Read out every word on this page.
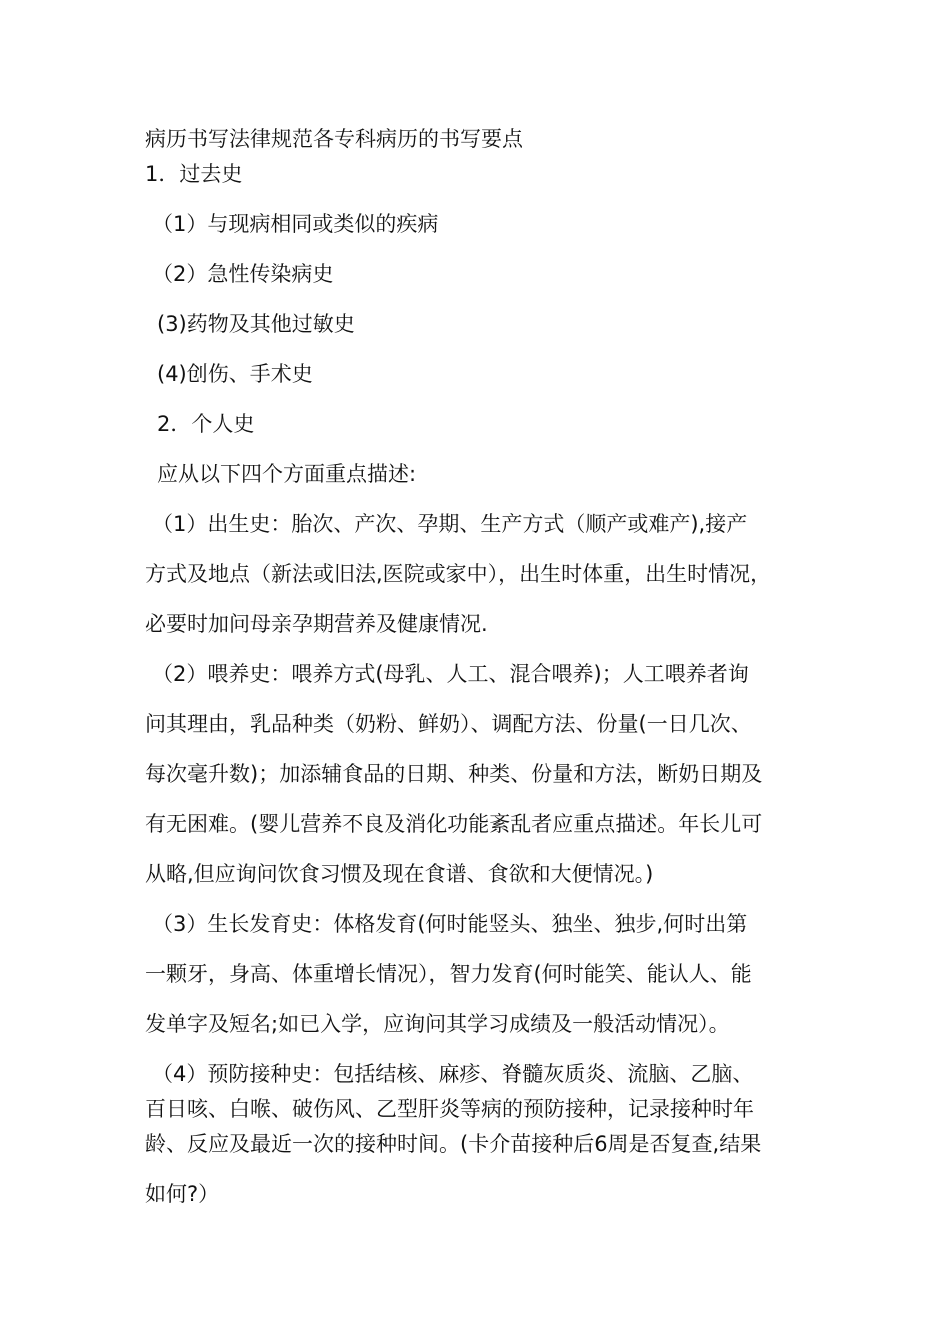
病历书写法律规范各专科病历的书写要点

1．过去史

（1）与现病相同或类似的疾病

（2）急性传染病史

(3)药物及其他过敏史

(4)创伤、手术史

2．个人史

应从以下四个方面重点描述:

（1）出生史：胎次、产次、孕期、生产方式（顺产或难产),接产

方式及地点（新法或旧法,医院或家中），出生时体重，出生时情况，

必要时加问母亲孕期营养及健康情况.

（2）喂养史：喂养方式(母乳、人工、混合喂养)；人工喂养者询

问其理由，乳品种类（奶粉、鲜奶）、调配方法、份量(一日几次、

每次毫升数)；加添辅食品的日期、种类、份量和方法，断奶日期及

有无困难。(婴儿营养不良及消化功能紊乱者应重点描述。年长儿可

从略,但应询问饮食习惯及现在食谱、食欲和大便情况。)

（3）生长发育史：体格发育(何时能竖头、独坐、独步,何时出第

一颗牙，身高、体重增长情况），智力发育(何时能笑、能认人、能

发单字及短名;如已入学，应询问其学习成绩及一般活动情况）。

（4）预防接种史：包括结核、麻疹、脊髓灰质炎、流脑、乙脑、

百日咳、白喉、破伤风、乙型肝炎等病的预防接种，记录接种时年

龄、反应及最近一次的接种时间。(卡介苗接种后6周是否复查,结果

如何?）
